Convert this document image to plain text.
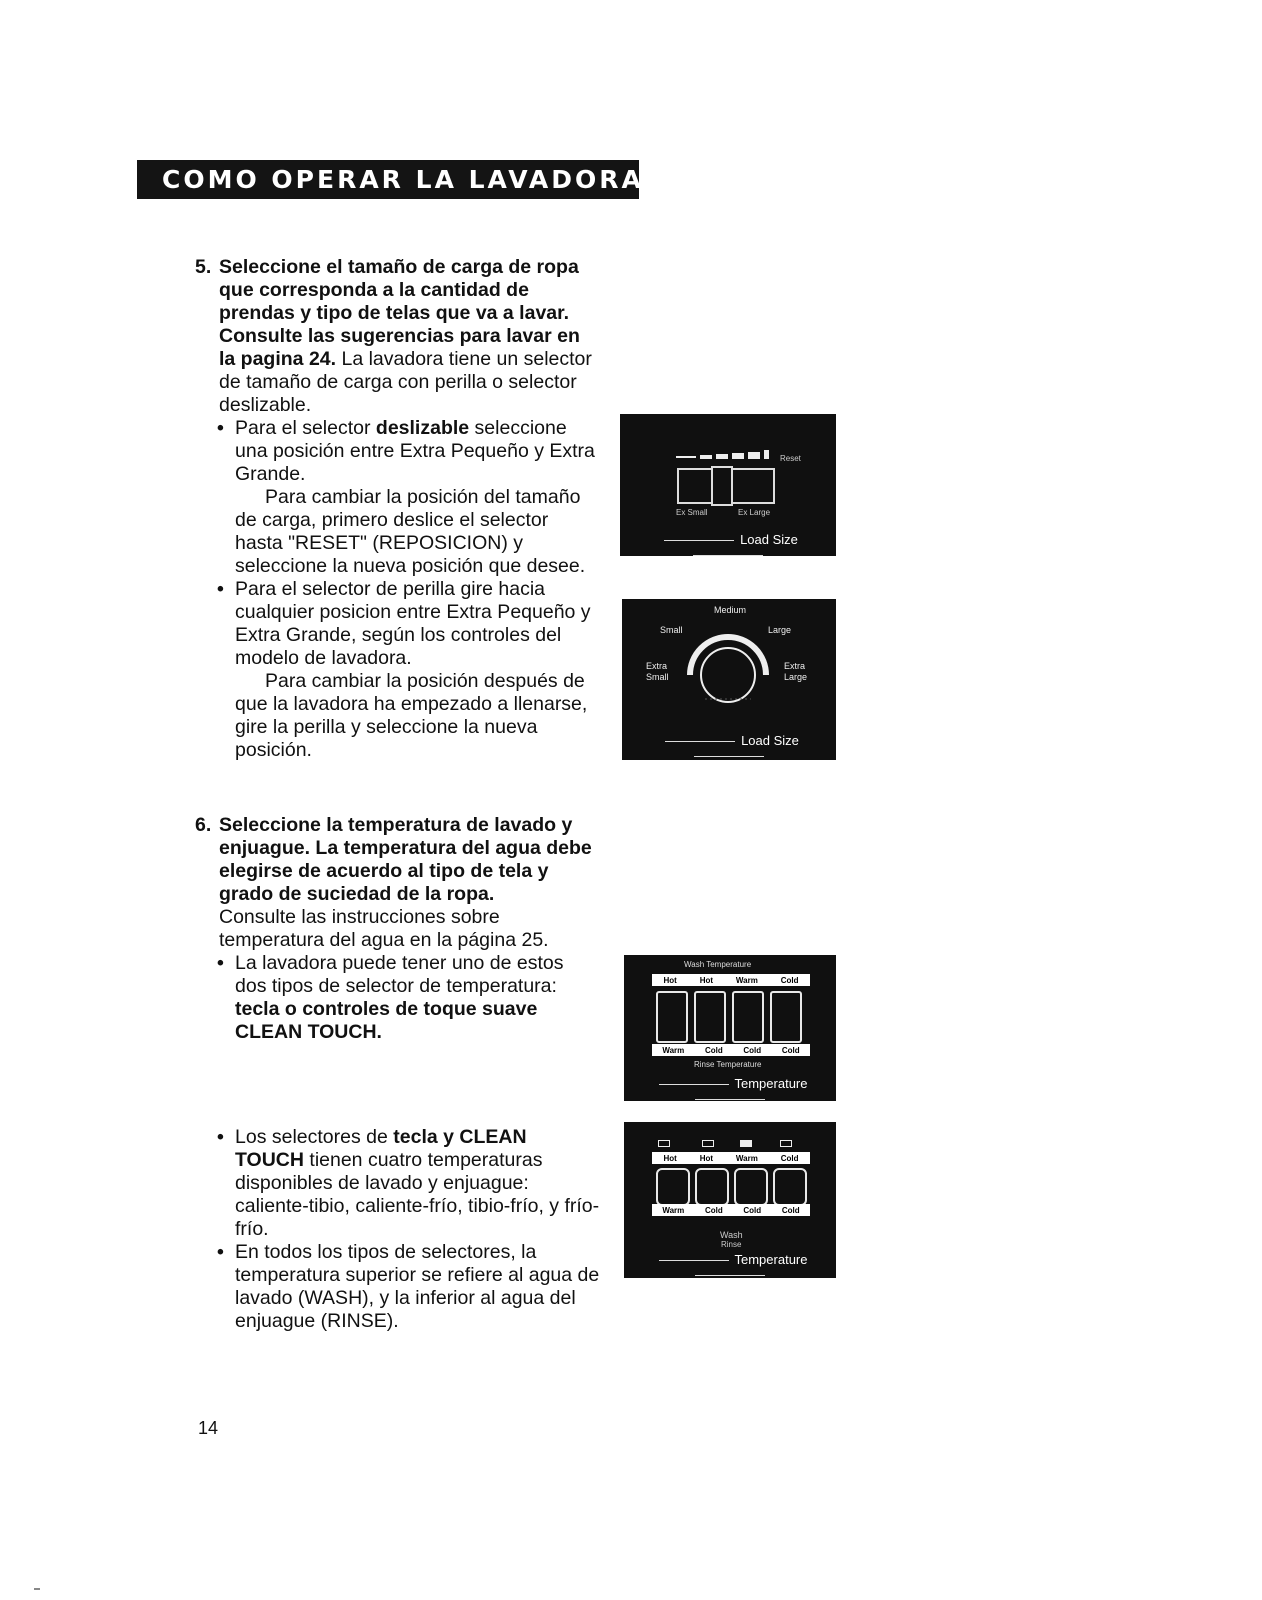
COMO OPERAR LA LAVADORA

5. Seleccione el tamaño de carga de ropa que corresponda a la cantidad de prendas y tipo de telas que va a lavar. Consulte las sugerencias para lavar en la pagina 24. La lavadora tiene un selector de tamaño de carga con perilla o selector deslizable.

• Para el selector deslizable seleccione una posición entre Extra Pequeño y Extra Grande.

Para cambiar la posición del tamaño de carga, primero deslice el selector hasta "RESET" (REPOSICION) y seleccione la nueva posición que desee.

• Para el selector de perilla gire hacia cualquier posicion entre Extra Pequeño y Extra Grande, según los controles del modelo de lavadora.

Para cambiar la posición después de que la lavadora ha empezado a llenarse, gire la perilla y seleccione la nueva posición.

6. Seleccione la temperatura de lavado y enjuague. La temperatura del agua debe elegirse de acuerdo al tipo de tela y grado de suciedad de la ropa.
Consulte las instrucciones sobre temperatura del agua en la página 25.

• La lavadora puede tener uno de estos dos tipos de selector de temperatura: tecla o controles de toque suave CLEAN TOUCH.

• Los selectores de tecla y CLEAN TOUCH tienen cuatro temperaturas disponibles de lavado y enjuague: caliente-tibio, caliente-frío, tibio-frío, y frío-frío.

• En todos los tipos de selectores, la temperatura superior se refiere al agua de lavado (WASH), y la inferior al agua del enjuague (RINSE).

Reset
Ex Small	Ex Large
Load Size
Medium
Small	Large
Extra Small
Extra Large
Load Size
Wash Temperature
Hot	Hot	Warm	Cold
Warm	Cold	Cold	Cold
Rinse Temperature
Temperature
Hot	Hot	Warm	Cold
Warm	Cold	Cold	Cold
Wash
Rinse
Temperature
14
